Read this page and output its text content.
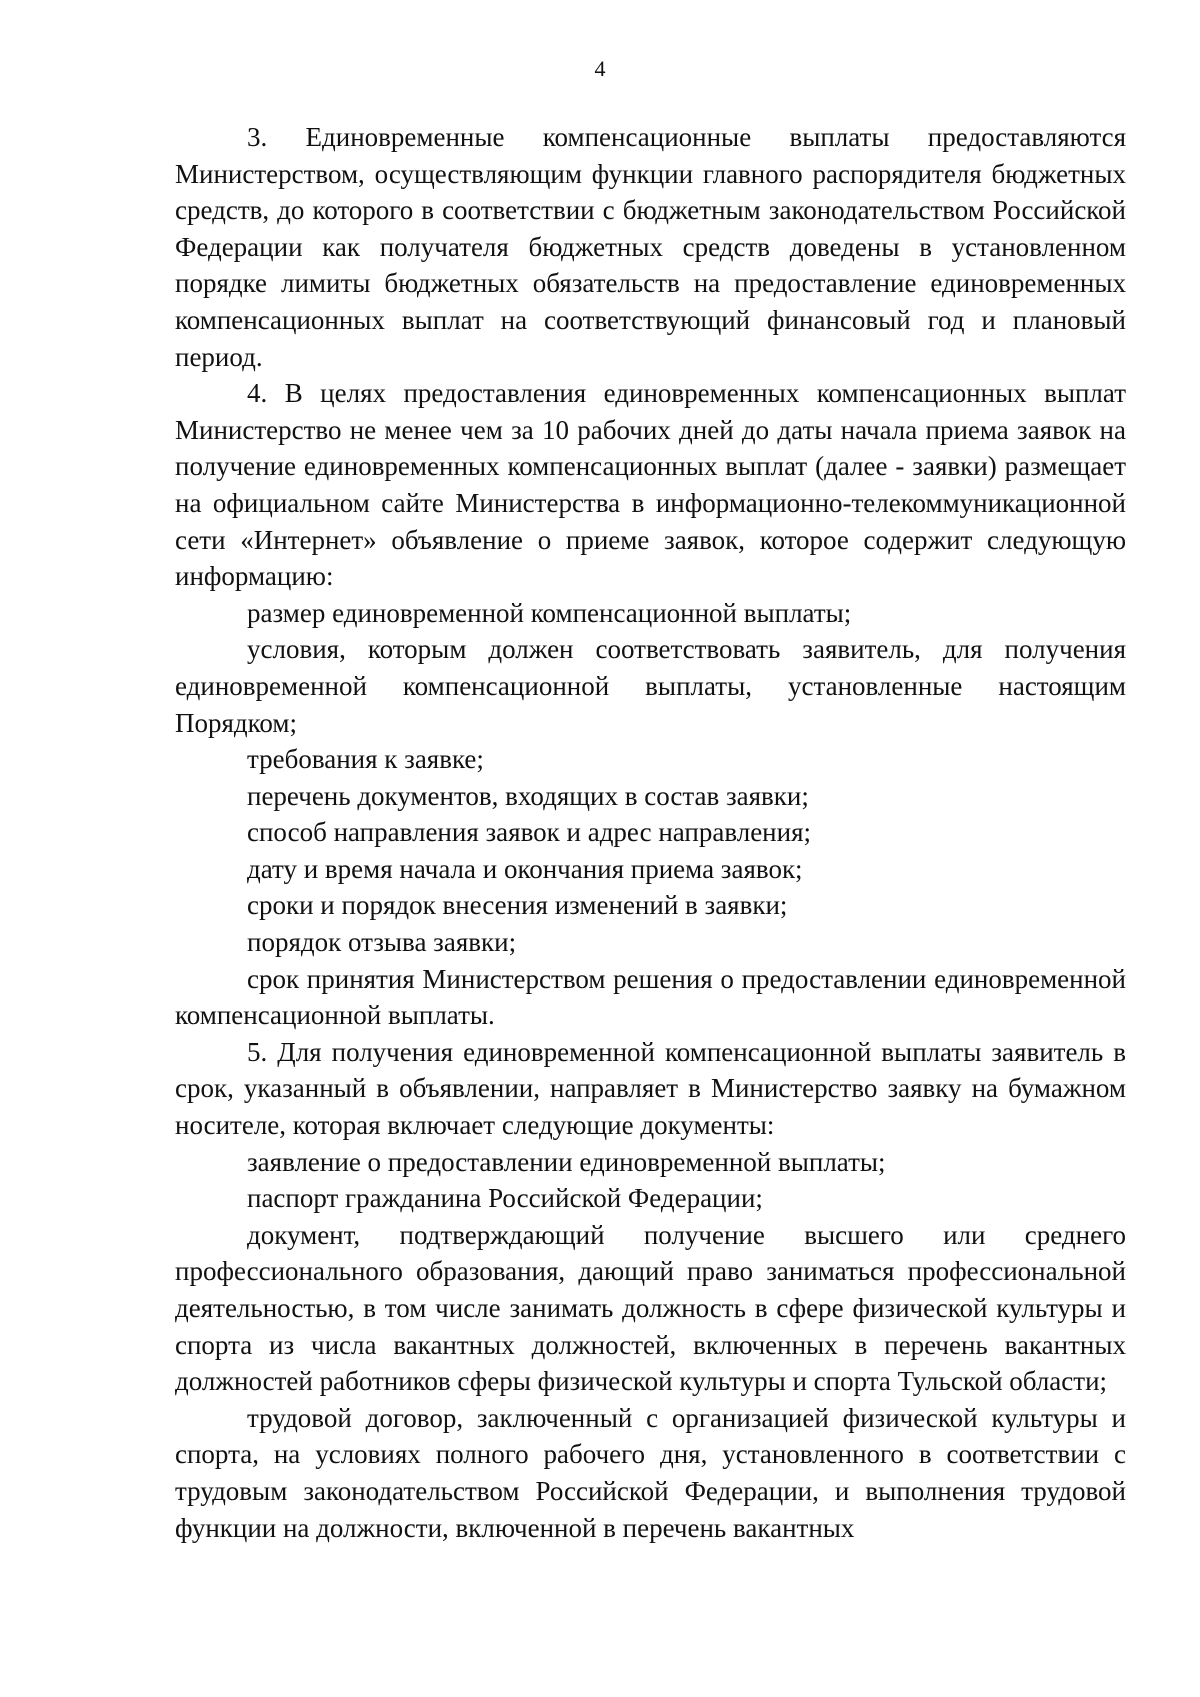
4

3. Единовременные компенсационные выплаты предоставляются Министерством, осуществляющим функции главного распорядителя бюджетных средств, до которого в соответствии с бюджетным законодательством Российской Федерации как получателя бюджетных средств доведены в установленном порядке лимиты бюджетных обязательств на предоставление единовременных компенсационных выплат на соответствующий финансовый год и плановый период.

4. В целях предоставления единовременных компенсационных выплат Министерство не менее чем за 10 рабочих дней до даты начала приема заявок на получение единовременных компенсационных выплат (далее - заявки) размещает на официальном сайте Министерства в информационно-телекоммуникационной сети «Интернет» объявление о приеме заявок, которое содержит следующую информацию:

размер единовременной компенсационной выплаты;

условия, которым должен соответствовать заявитель, для получения единовременной компенсационной выплаты, установленные настоящим Порядком;

требования к заявке;

перечень документов, входящих в состав заявки;

способ направления заявок и адрес направления;

дату и время начала и окончания приема заявок;

сроки и порядок внесения изменений в заявки;

порядок отзыва заявки;

срок принятия Министерством решения о предоставлении единовременной компенсационной выплаты.

5. Для получения единовременной компенсационной выплаты заявитель в срок, указанный в объявлении, направляет в Министерство заявку на бумажном носителе, которая включает следующие документы:

заявление о предоставлении единовременной выплаты;

паспорт гражданина Российской Федерации;

документ, подтверждающий получение высшего или среднего профессионального образования, дающий право заниматься профессиональной деятельностью, в том числе занимать должность в сфере физической культуры и спорта из числа вакантных должностей, включенных в перечень вакантных должностей работников сферы физической культуры и спорта Тульской области;

трудовой договор, заключенный с организацией физической культуры и спорта, на условиях полного рабочего дня, установленного в соответствии с трудовым законодательством Российской Федерации, и выполнения трудовой функции на должности, включенной в перечень вакантных
